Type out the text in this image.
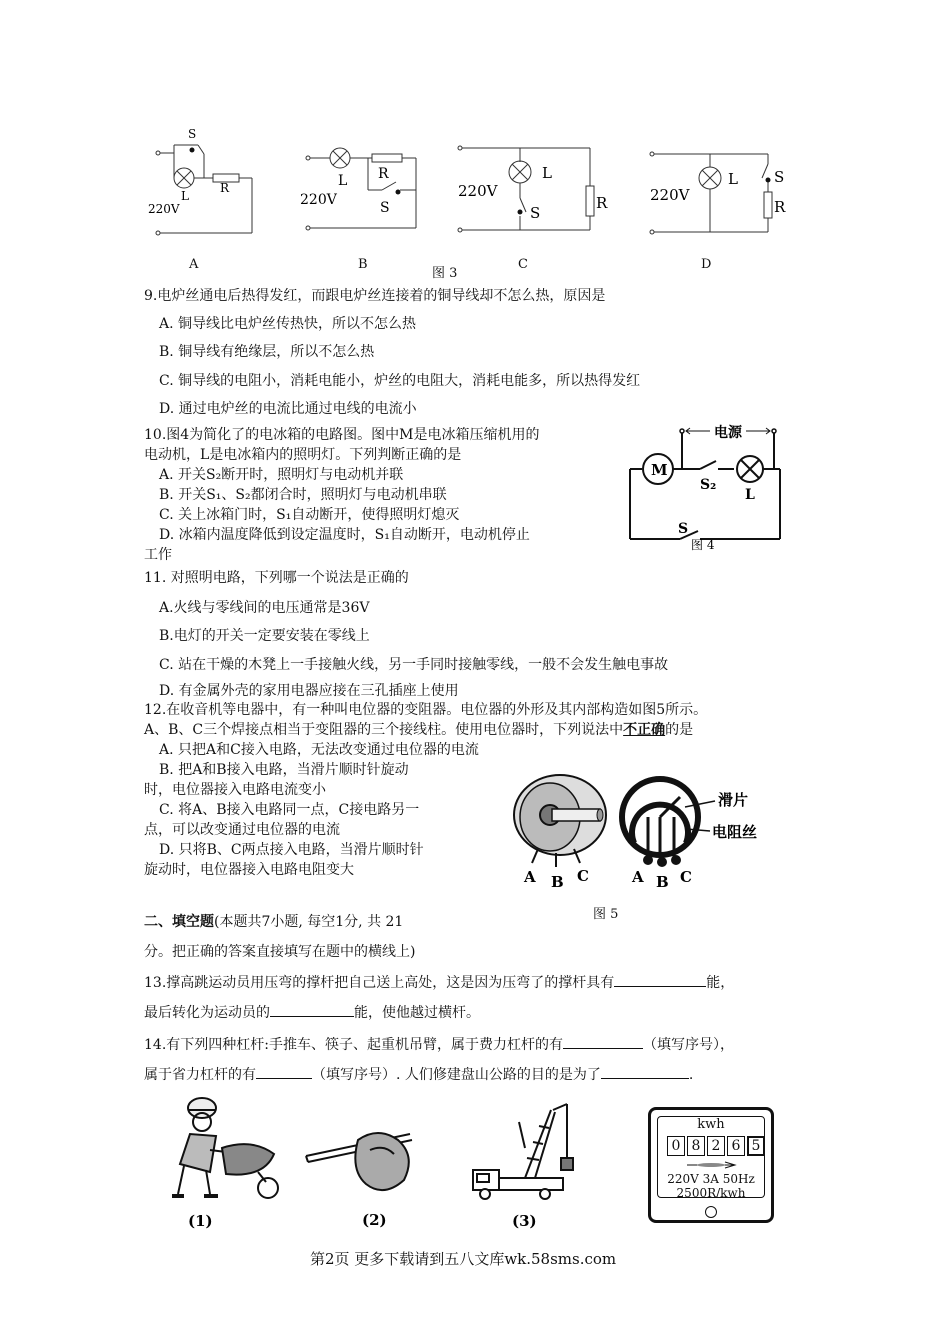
S
L
R
220V
L R
S
220V
L
220V
S
R
L
220V
S
R
A	B
图 3
C	D
9.电炉丝通电后热得发红，而跟电炉丝连接着的铜导线却不怎么热，原因是
A. 铜导线比电炉丝传热快，所以不怎么热
B. 铜导线有绝缘层，所以不怎么热
C. 铜导线的电阻小，消耗电能小，炉丝的电阻大，消耗电能多，所以热得发红
D. 通过电炉丝的电流比通过电线的电流小
10.图4为简化了的电冰箱的电路图。图中M是电冰箱压缩机用的
电动机，L是电冰箱内的照明灯。下列判断正确的是
A. 开关S₂断开时，照明灯与电动机并联
B. 开关S₁、S₂都闭合时，照明灯与电动机串联
C. 关上冰箱门时，S₁自动断开，使得照明灯熄灭
D. 冰箱内温度降低到设定温度时，S₁自动断开，电动机停止
工作
电源
M
S₂
L
S
图 4
11. 对照明电路，下列哪一个说法是正确的
A.火线与零线间的电压通常是36V
B.电灯的开关一定要安装在零线上
C. 站在干燥的木凳上一手接触火线，另一手同时接触零线，一般不会发生触电事故
D. 有金属外壳的家用电器应接在三孔插座上使用
12.在收音机等电器中，有一种叫电位器的变阻器。电位器的外形及其内部构造如图5所示。
A、B、C三个焊接点相当于变阻器的三个接线柱。使用电位器时，下列说法中不正确的是
A. 只把A和C接入电路，无法改变通过电位器的电流
B. 把A和B接入电路，当滑片顺时针旋动
时，电位器接入电路电流变小
C. 将A、B接入电路同一点，C接电路另一
点，可以改变通过电位器的电流
D. 只将B、C两点接入电路，当滑片顺时针
旋动时，电位器接入电路电阻变大
滑片
电阻丝
A B C	A B C
图 5
二、填空题(本题共7小题, 每空1分, 共 21
分。把正确的答案直接填写在题中的横线上)
13.撑高跳运动员用压弯的撑杆把自己送上高处，这是因为压弯了的撑杆具有	能，
最后转化为运动员的	能，使他越过横杆。
14.有下列四种杠杆:手推车、筷子、起重机吊臂，属于费力杠杆的有	（填写序号），
属于省力杠杆的有	（填写序号）. 人们修建盘山公路的目的是为了	.
(1)	(2)	(3)
kwh
0 8 2 6 5
220V 3A 50Hz
2500R/kwh
第2页 更多下载请到五八文库wk.58sms.com
